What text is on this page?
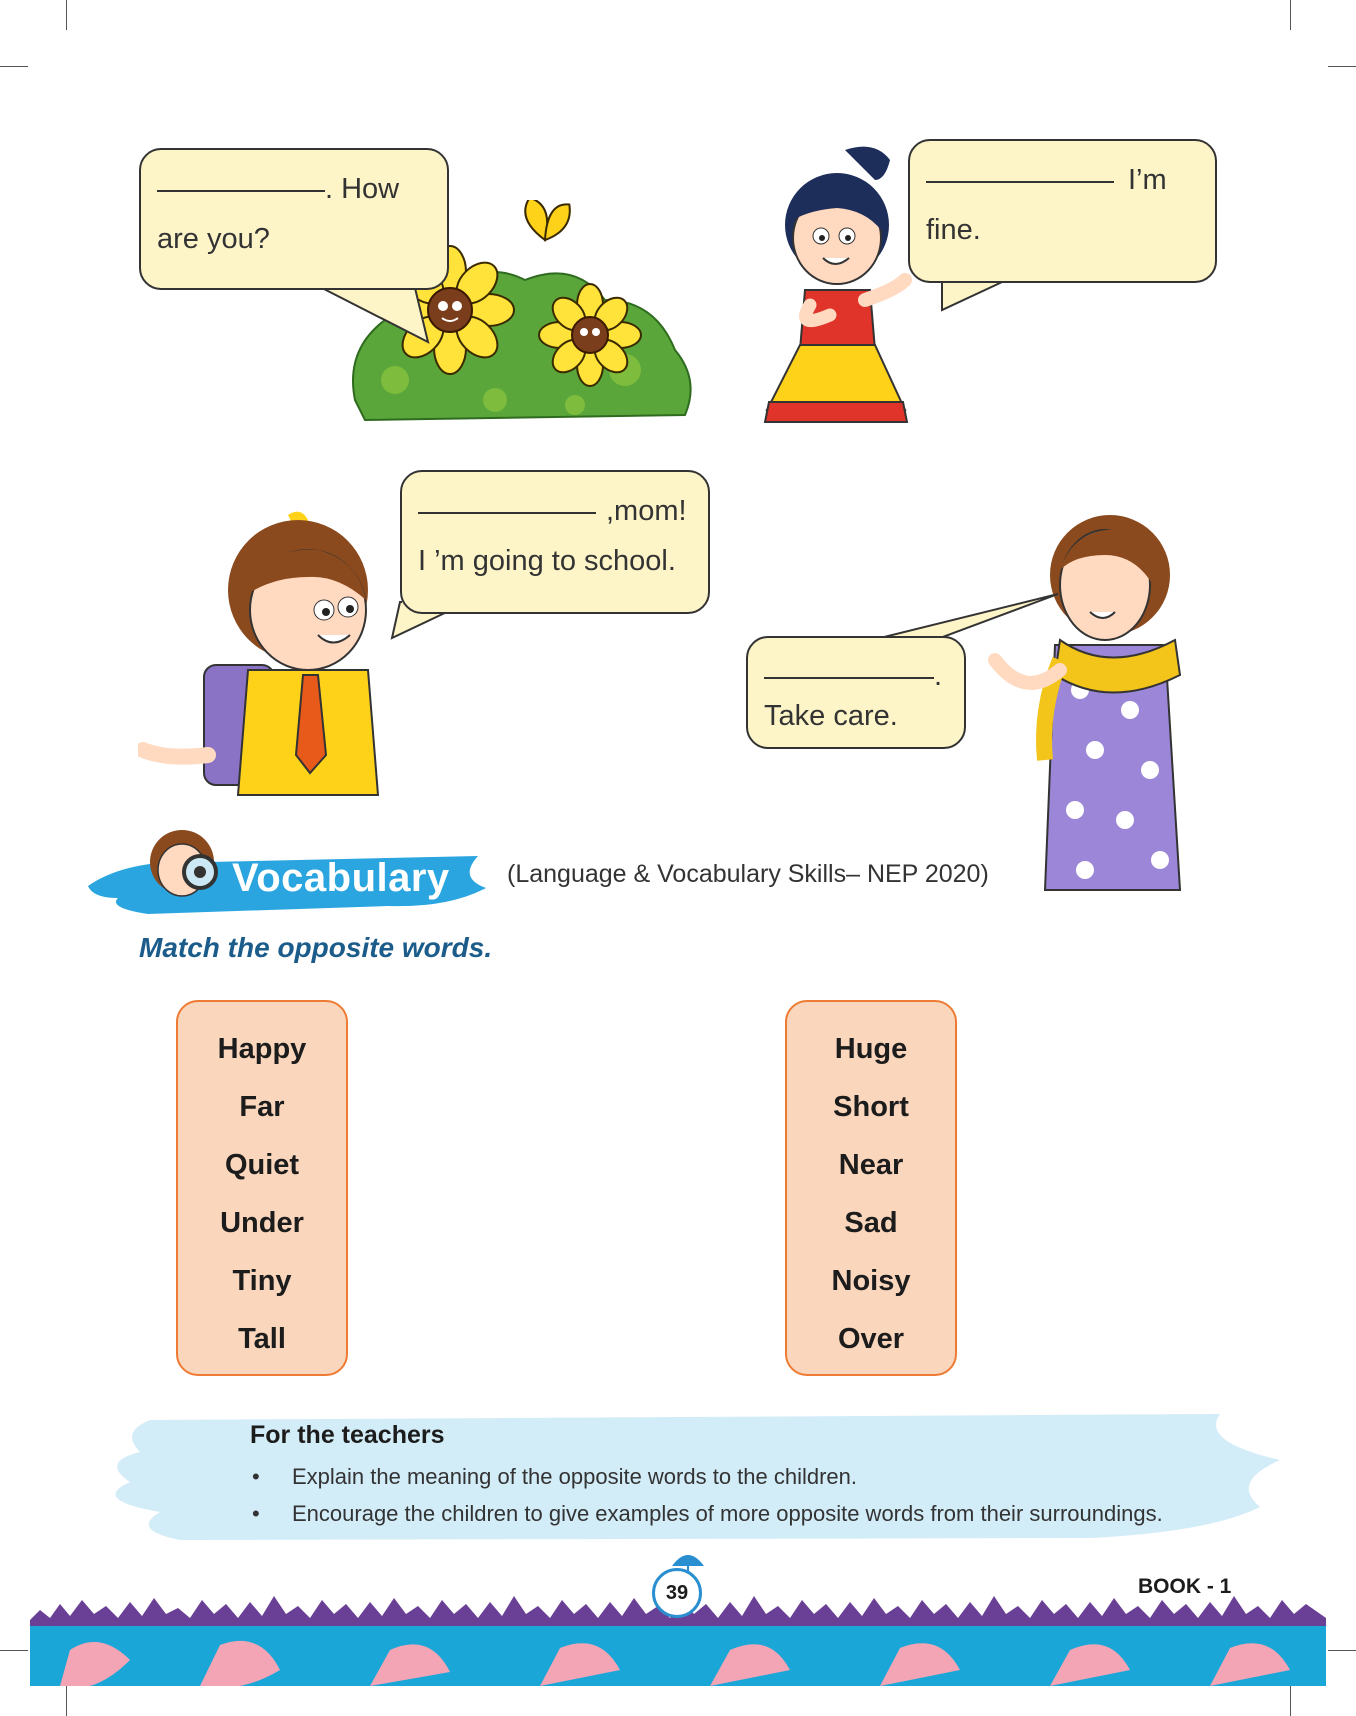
. How
are you?
I’m
fine.
,mom!
I ’m going to school.
.
Take care.
Vocabulary (Language & Vocabulary Skills– NEP 2020)
Match the opposite words.
Happy
Far
Quiet
Under
Tiny
Tall
Huge
Short
Near
Sad
Noisy
Over
For the teachers
• Explain the meaning of the opposite words to the children.
• Encourage the children to give examples of more opposite words from their surroundings.
39	BOOK - 1
